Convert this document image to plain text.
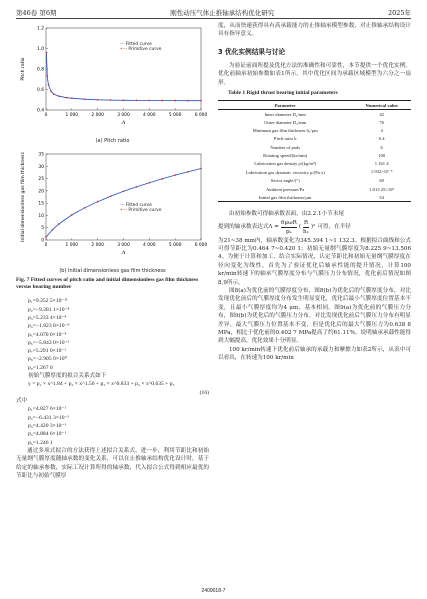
第46卷 第6期	刚性动压气体止推轴承结构优化研究	2025年
0	1 000	2 000	3 000	4 000	5 000	6 000
0.4
0.6
0.8
1.0
1.2
Λ
Pitch ratio
— Fitted curve
•— Primitive curve
(a) Pitch ratio
0	1 000	2 000	3 000	4 000	5 000	6 000
0
5
10
15
20
25
30
35
Λ
Initial dimensionless gas film thickness	— Fitted curve
•— Primitive curve
(b) Initial dimensionless gas film thickness
Fig. 7 Fitted curves of pitch ratio and initial dimensionless gas film thickness versus bearing number
p₁=9.252 5×10⁻¹¹
p₂=−9.281 1×10⁻⁸
p₃=5.233 4×10⁻⁴
p₄=−1.823 8×10⁻⁶
p₅=4.070 6×10⁻⁴
p₆=−5.843 0×10⁻²
p₇=5.291 0×10⁻¹
p₈=−2.905 0×10⁰
p₉=1.267 0
初始气膜厚度的拟合关系式如下
y = p₁ × x^1.84 + p₂ × x^1.56 + p₃ × x^0.833 + p₄ × x^0.635 + p₅
(16)
式中
p₁=4.827 6×10⁻¹
p₂=−6.431 3×10⁻²
p₃=4.420 3×10⁻¹
p₄=4.884 6×10⁻¹
p₅=1.246 1

通过多项式拟合的方法获得上述拟合关系式，进一步，利用节距比和初始无量纲气膜厚度随轴承数的变化关系，可以在止推轴承结构优化设计时，基于给定的轴承参数，实际工况计算所得的轴承数，代入拟合公式得到相应最优的节距比与初始气膜厚

度，从而快速获得具有高承载能力的止推轴承模型参数，对止推轴承结构设计具有指导意义。

3 优化实例结果与讨论

为验证前面所提及优化方法的准确性和可靠性，本节提供一个优化实例。优化前轴承初始参数如表1所示，其中优化区间为承载区域模型为六分之一扇形。

Table 1 Rigid thrust bearing initial parameters
Parameter	Numerical value
Inner diameter D₁/mm	42
Outer diameter D₂/mm	76
Minimum gas film thickness h₁/μm	4
Pitch ratio b	0.4
Number of pads	6
Rotating speed/(kr/min)	100
Lubrication gas density ρ/(kg/m³)	1.161 4
Lubrication gas dynamic viscosity μ/(Pa·s)	1.932×10⁻⁵
Sector angle/(°)	60
Ambient pressure/Pa	1.013 25×10⁵
Initial gas film thickness/μm	54

由初始参数可得轴承数表面，由2.2.1小节末尾

提到的轴承数表达式$\Lambda = \frac{\text{6μωR}}{\text{pₐ}}$ ( $\frac{R}{\text{h₁}} )^2$ 可得，在半径

为21~38 mm内，轴承数变化为345.394 1~1 132.3。根据拟合曲线和公式可得节距比为0.464 7~0.420 1；初始无量纲气膜厚度为8.225 9~13.506 4。为便于计算和加工，结合实际情况，认定节距比和初始无量纲气膜厚度在径向变化为线性，首先为了验证优化后轴承性能的提升情况，计算100 kr/min转速下的轴承气膜厚度分布与气膜压力分布情况，优化前后情况如图8,9所示。

图8(a)为优化前的气膜厚度分布，图8(b)为优化后的气膜厚度分布，对比发现优化前后的气膜厚度分布发生明显变化，优化后最小气膜厚度位置基本不变，且最小气膜厚度均为4 μm，基本相同。图9(a)为优化前的气膜压力分布，图9(b)为优化后的气膜压力分布，对比发现优化前后气膜压力分布有明显差异，最大气膜压力位置基本不变，但是优化后的最大气膜压力为0.638 8 MPa，相比于优化前的0.402 7 MPa提高了约61.11%，说明轴承承载性能得到大幅提高，优化效果十分明显。

100 kr/min转速下优化前后轴承的承载力和摩擦力如表2所示，从表中可以看出，在转速为100 kr/min

2409018-7
